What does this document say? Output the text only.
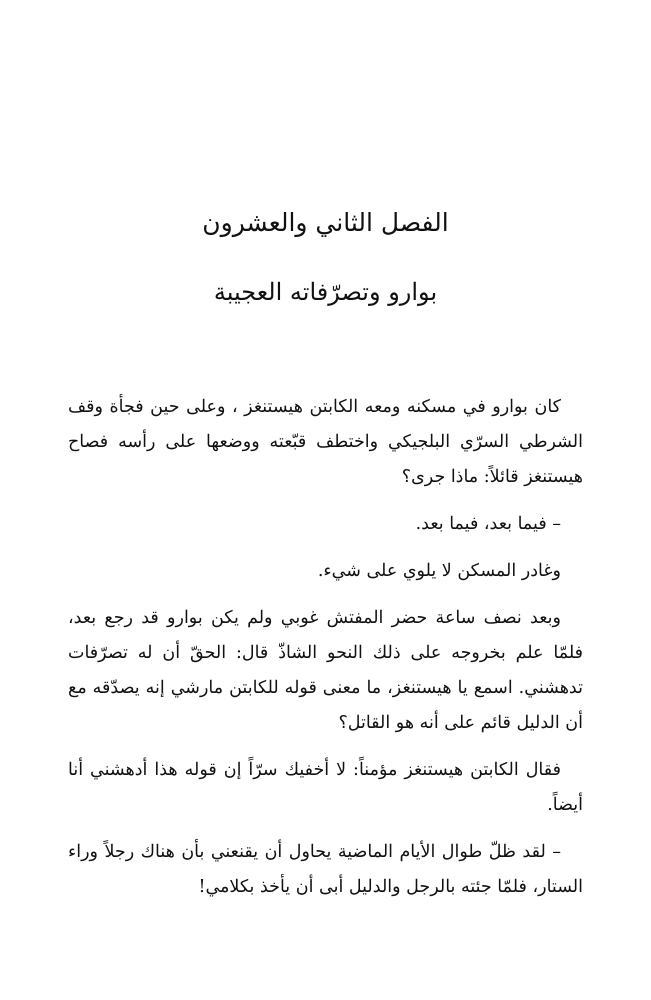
الفصل الثاني والعشرون
بوارو وتصرّفاته العجيبة

كان بوارو في مسكنه ومعه الكابتن هيستنغز ، وعلى حين فجأة وقف الشرطي السرّي البلجيكي واختطف قبّعته ووضعها على رأسه فصاح هيستنغز قائلاً: ماذا جرى؟

– فيما بعد، فيما بعد.

وغادر المسكن لا يلوي على شيء.

وبعد نصف ساعة حضر المفتش غوبي ولم يكن بوارو قد رجع بعد، فلمّا علم بخروجه على ذلك النحو الشاذّ قال: الحقّ أن له تصرّفات تدهشني. اسمع يا هيستنغز، ما معنى قوله للكابتن مارشي إنه يصدّقه مع أن الدليل قائم على أنه هو القاتل؟

فقال الكابتن هيستنغز مؤمناً: لا أخفيك سرّاً إن قوله هذا أدهشني أنا أيضاً.

– لقد ظلّ طوال الأيام الماضية يحاول أن يقنعني بأن هناك رجلاً وراء الستار، فلمّا جئته بالرجل والدليل أبى أن يأخذ بكلامي!
